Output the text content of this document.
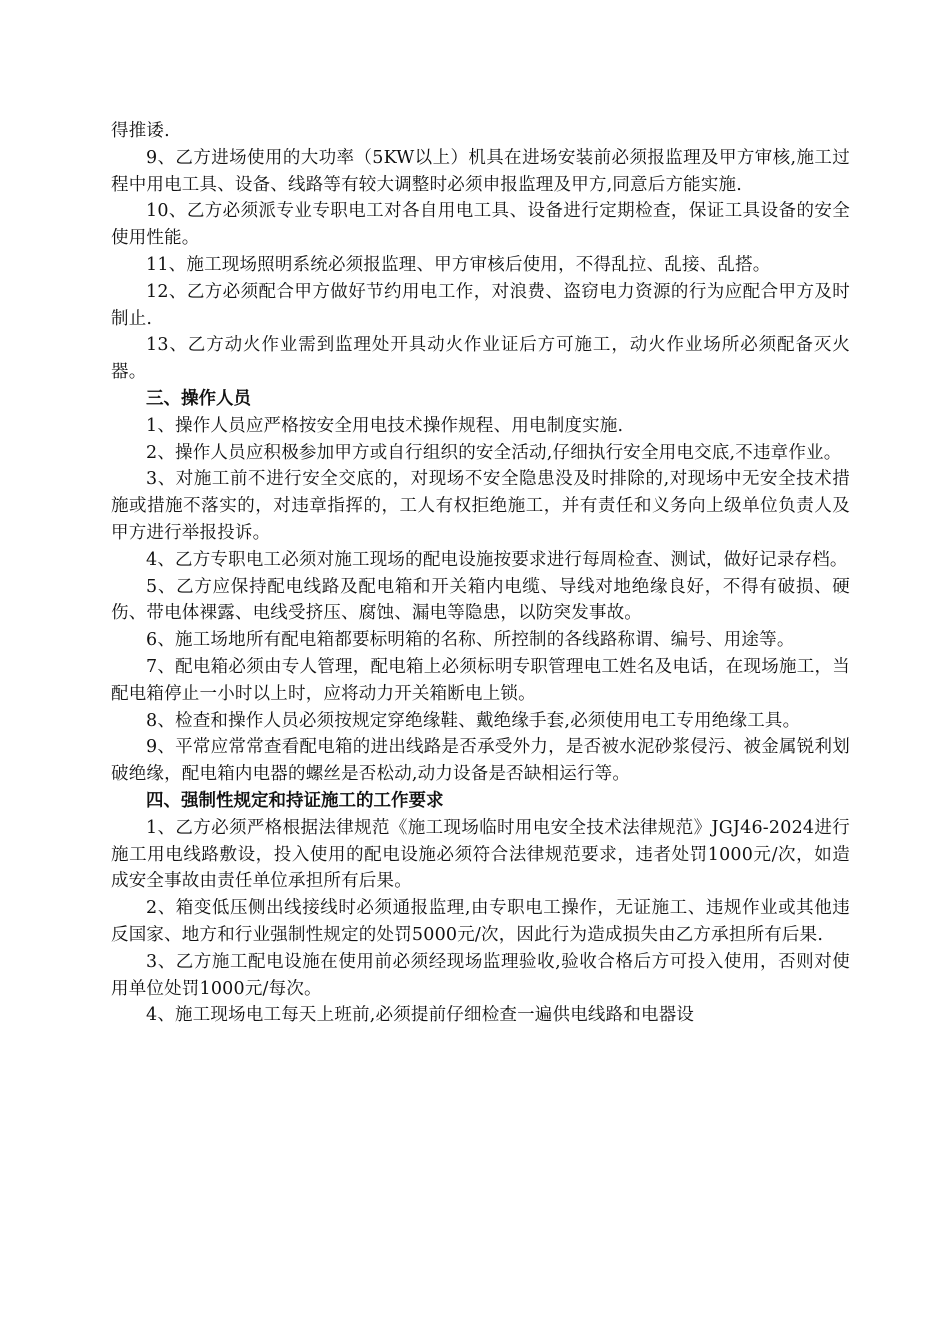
得推诿.

9、乙方进场使用的大功率（5KW以上）机具在进场安装前必须报监理及甲方审核,施工过程中用电工具、设备、线路等有较大调整时必须申报监理及甲方,同意后方能实施.

10、乙方必须派专业专职电工对各自用电工具、设备进行定期检查，保证工具设备的安全使用性能。

11、施工现场照明系统必须报监理、甲方审核后使用，不得乱拉、乱接、乱搭。

12、乙方必须配合甲方做好节约用电工作，对浪费、盗窃电力资源的行为应配合甲方及时制止.

13、乙方动火作业需到监理处开具动火作业证后方可施工，动火作业场所必须配备灭火器。

三、操作人员

1、操作人员应严格按安全用电技术操作规程、用电制度实施.

2、操作人员应积极参加甲方或自行组织的安全活动,仔细执行安全用电交底,不违章作业。

3、对施工前不进行安全交底的，对现场不安全隐患没及时排除的,对现场中无安全技术措施或措施不落实的，对违章指挥的，工人有权拒绝施工，并有责任和义务向上级单位负责人及甲方进行举报投诉。

4、乙方专职电工必须对施工现场的配电设施按要求进行每周检查、测试，做好记录存档。

5、乙方应保持配电线路及配电箱和开关箱内电缆、导线对地绝缘良好，不得有破损、硬伤、带电体裸露、电线受挤压、腐蚀、漏电等隐患，以防突发事故。

6、施工场地所有配电箱都要标明箱的名称、所控制的各线路称谓、编号、用途等。

7、配电箱必须由专人管理，配电箱上必须标明专职管理电工姓名及电话，在现场施工，当配电箱停止一小时以上时，应将动力开关箱断电上锁。

8、检查和操作人员必须按规定穿绝缘鞋、戴绝缘手套,必须使用电工专用绝缘工具。

9、平常应常常查看配电箱的进出线路是否承受外力，是否被水泥砂浆侵污、被金属锐利划破绝缘，配电箱内电器的螺丝是否松动,动力设备是否缺相运行等。

四、强制性规定和持证施工的工作要求

1、乙方必须严格根据法律规范《施工现场临时用电安全技术法律规范》JGJ46-2024进行施工用电线路敷设，投入使用的配电设施必须符合法律规范要求，违者处罚1000元/次，如造成安全事故由责任单位承担所有后果。

2、箱变低压侧出线接线时必须通报监理,由专职电工操作，无证施工、违规作业或其他违反国家、地方和行业强制性规定的处罚5000元/次，因此行为造成损失由乙方承担所有后果.

3、乙方施工配电设施在使用前必须经现场监理验收,验收合格后方可投入使用，否则对使用单位处罚1000元/每次。

4、施工现场电工每天上班前,必须提前仔细检查一遍供电线路和电器设
